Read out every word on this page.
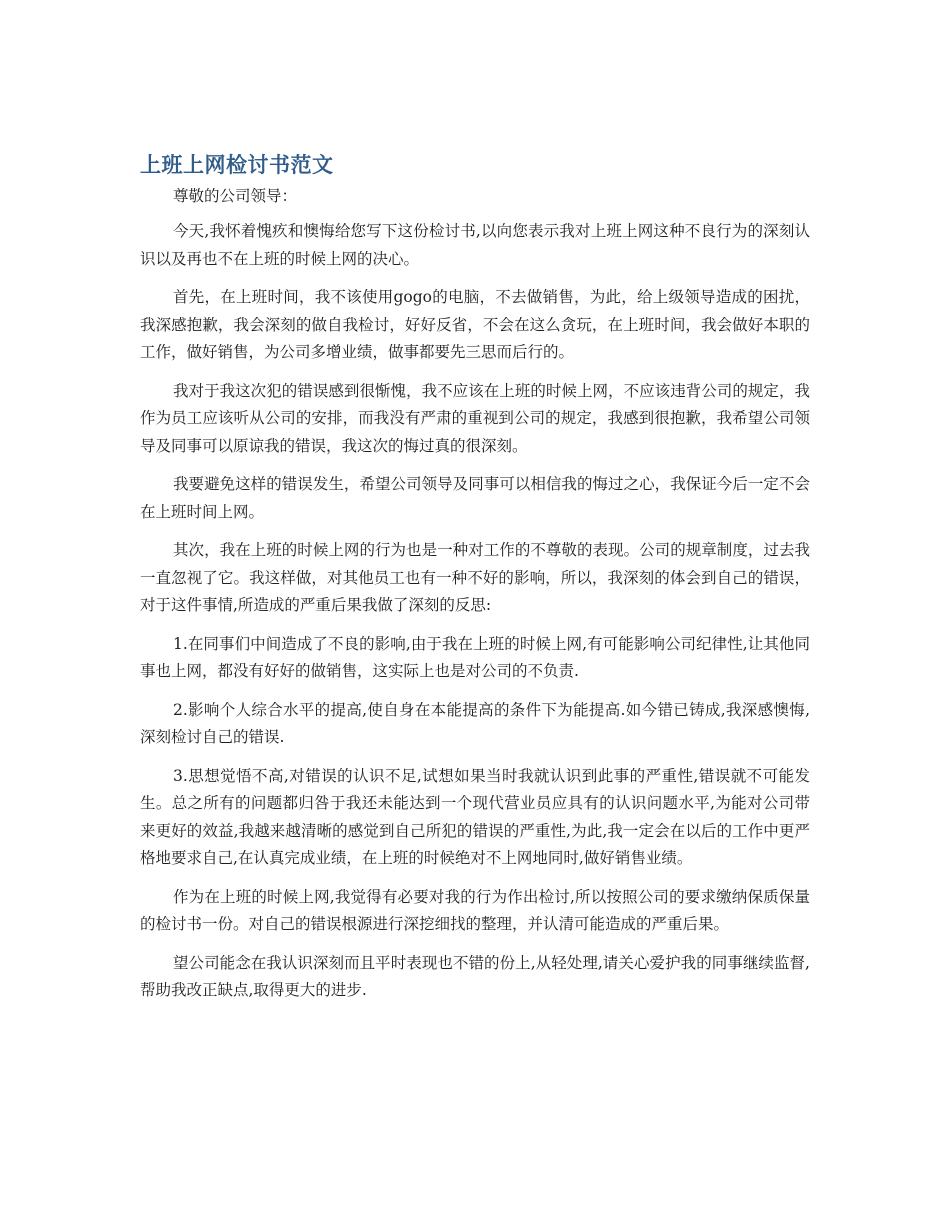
上班上网检讨书范文

尊敬的公司领导：

今天,我怀着愧疚和懊悔给您写下这份检讨书,以向您表示我对上班上网这种不良行为的深刻认识以及再也不在上班的时候上网的决心。

首先，在上班时间，我不该使用gogo的电脑，不去做销售，为此，给上级领导造成的困扰，我深感抱歉，我会深刻的做自我检讨，好好反省，不会在这么贪玩，在上班时间，我会做好本职的工作，做好销售，为公司多增业绩，做事都要先三思而后行的。

我对于我这次犯的错误感到很惭愧，我不应该在上班的时候上网，不应该违背公司的规定，我作为员工应该听从公司的安排，而我没有严肃的重视到公司的规定，我感到很抱歉，我希望公司领导及同事可以原谅我的错误，我这次的悔过真的很深刻。

我要避免这样的错误发生，希望公司领导及同事可以相信我的悔过之心，我保证今后一定不会在上班时间上网。

其次，我在上班的时候上网的行为也是一种对工作的不尊敬的表现。公司的规章制度，过去我一直忽视了它。我这样做，对其他员工也有一种不好的影响，所以，我深刻的体会到自己的错误，对于这件事情,所造成的严重后果我做了深刻的反思:

1.在同事们中间造成了不良的影响,由于我在上班的时候上网,有可能影响公司纪律性,让其他同事也上网，都没有好好的做销售，这实际上也是对公司的不负责.

2.影响个人综合水平的提高,使自身在本能提高的条件下为能提高.如今错已铸成,我深感懊悔,深刻检讨自己的错误.

3.思想觉悟不高,对错误的认识不足,试想如果当时我就认识到此事的严重性,错误就不可能发生。总之所有的问题都归咎于我还未能达到一个现代营业员应具有的认识问题水平,为能对公司带来更好的效益,我越来越清晰的感觉到自己所犯的错误的严重性,为此,我一定会在以后的工作中更严格地要求自己,在认真完成业绩，在上班的时候绝对不上网地同时,做好销售业绩。

作为在上班的时候上网,我觉得有必要对我的行为作出检讨,所以按照公司的要求缴纳保质保量的检讨书一份。对自己的错误根源进行深挖细找的整理，并认清可能造成的严重后果。

望公司能念在我认识深刻而且平时表现也不错的份上,从轻处理,请关心爱护我的同事继续监督,帮助我改正缺点,取得更大的进步.
